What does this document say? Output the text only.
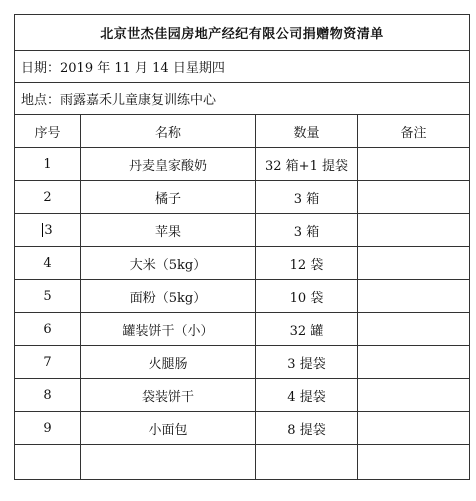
北京世杰佳园房地产经纪有限公司捐赠物资清单			
日期：2019 年 11 月 14 日星期四			
地点：雨露嘉禾儿童康复训练中心			
序号	名称	数量	备注
1	丹麦皇家酸奶	32 箱+1 提袋	
2	橘子	3 箱	
3	苹果	3 箱	
4	大米（5kg）	12 袋	
5	面粉（5kg）	10 袋	
6	罐装饼干（小）	32 罐	
7	火腿肠	3 提袋	
8	袋装饼干	4 提袋	
9	小面包	8 提袋	
